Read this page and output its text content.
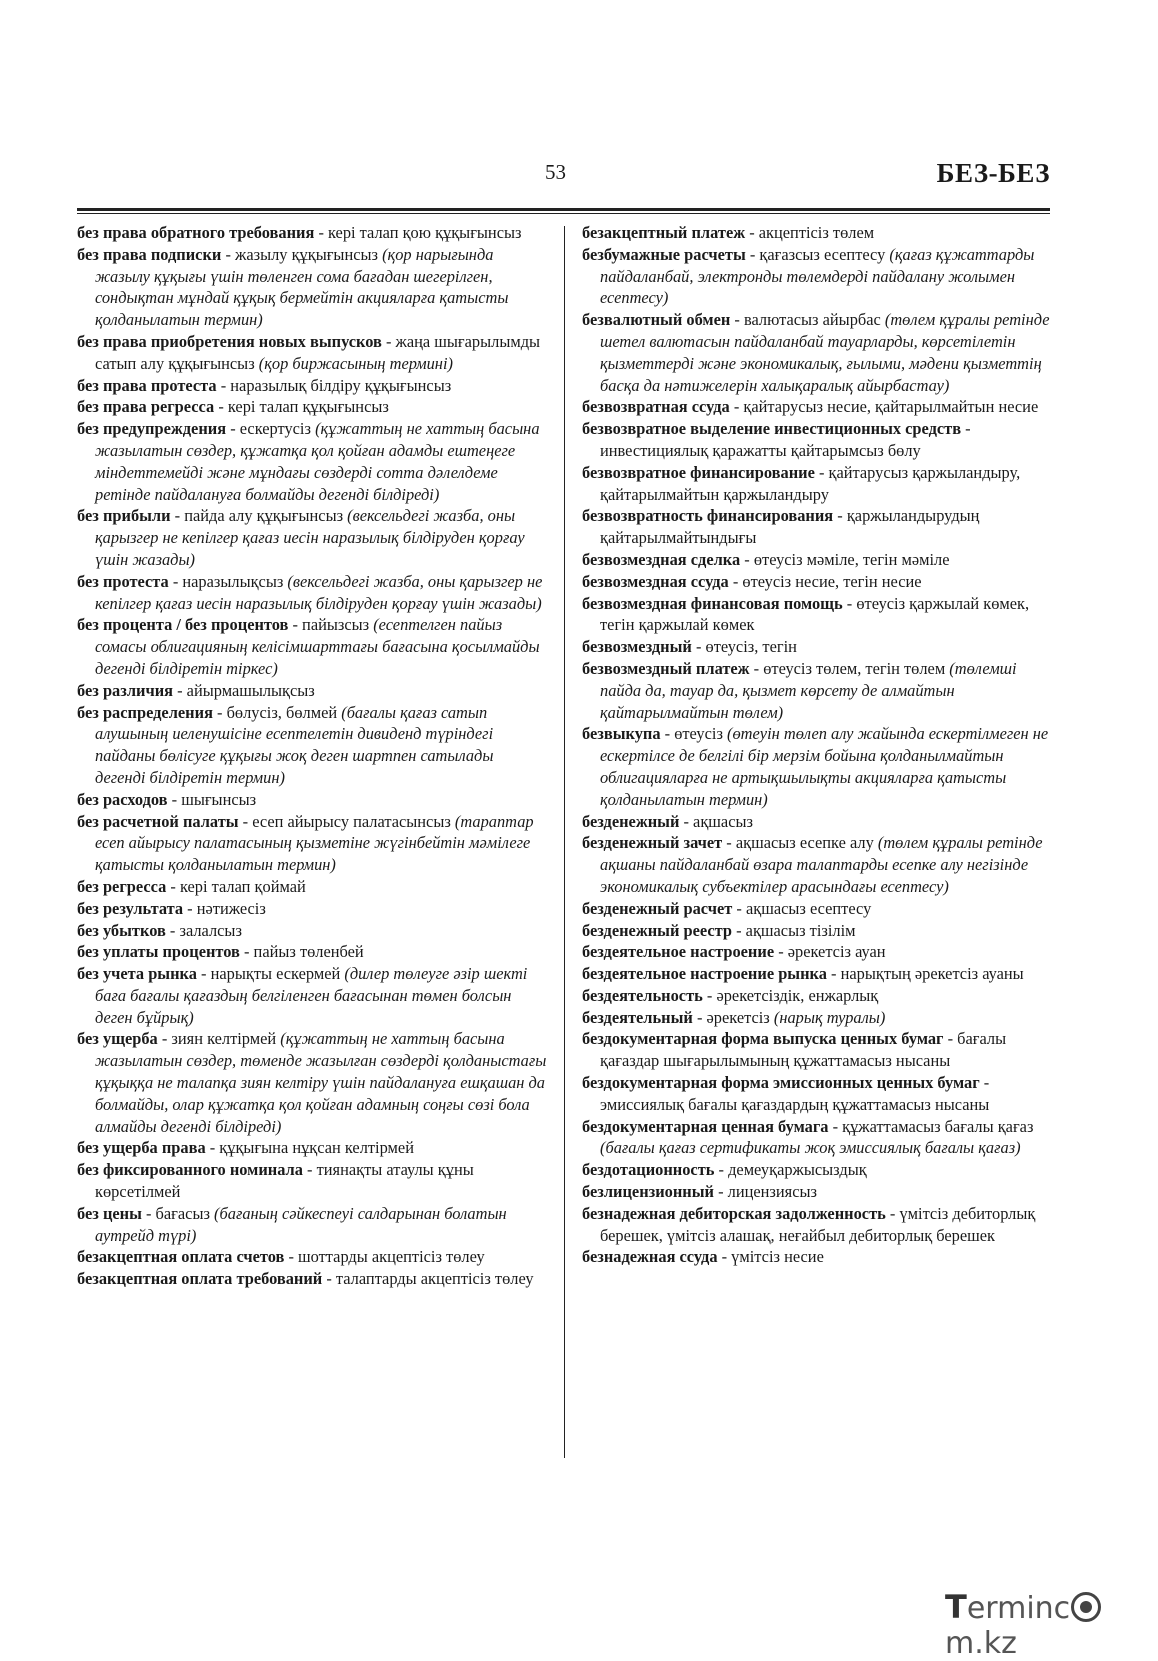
53	БЕЗ-БЕЗ

без права обратного требования - кері талап қою құқығынсыз

без права подписки - жазылу құқығынсыз (қор нарығында жазылу құқығы үшін төленген сома бағадан шегерілген, сондықтан мұндай құқық бермейтін акцияларға қатысты қолданылатын термин)

без права приобретения новых выпусков - жаңа шығарылымды сатып алу құқығынсыз (қор биржасының термині)

без права протеста - наразылық білдіру құқығынсыз

без права регресса - кері талап құқығынсыз

без предупреждения - ескертусіз (құжаттың не хаттың басына жазылатын сөздер, құжатқа қол қойған адамды ештеңеге міндеттемейді және мұндағы сөздерді сотта дәлелдеме ретінде пайдалануға болмайды дегенді білдіреді)

без прибыли - пайда алу құқығынсыз (вексельдегі жазба, оны қарызгер не кепілгер қағаз иесін наразылық білдіруден қорғау үшін жазады)

без протеста - наразылықсыз (вексельдегі жазба, оны қарызгер не кепілгер қағаз иесін наразылық білдіруден қорғау үшін жазады)

без процента / без процентов - пайызсыз (есептелген пайыз сомасы облигацияның келісімшарттағы бағасына қосылмайды дегенді білдіретін тіркес)

без различия - айырмашылықсыз

без распределения - бөлусіз, бөлмей (бағалы қағаз сатып алушының иеленушісіне есептелетін дивиденд түріндегі пайданы бөлісуге құқығы жоқ деген шартпен сатылады дегенді білдіретін термин)

без расходов - шығынсыз

без расчетной палаты - есеп айырысу палатасынсыз (тараптар есеп айырысу палатасының қызметіне жүгінбейтін мәмілеге қатысты қолданылатын термин)

без регресса - кері талап қоймай

без результата - нәтижесіз

без убытков - залалсыз

без уплаты процентов - пайыз төленбей

без учета рынка - нарықты ескермей (дилер төлеуге әзір шекті баға бағалы қағаздың белгіленген бағасынан төмен болсын деген бұйрық)

без ущерба - зиян келтірмей (құжаттың не хаттың басына жазылатын сөздер, төменде жазылған сөздерді қолданыстағы құқыққа не талапқа зиян келтіру үшін пайдалануға ешқашан да болмайды, олар құжатқа қол қойған адамның соңғы сөзі бола алмайды дегенді білдіреді)

без ущерба права - құқығына нұқсан келтірмей

без фиксированного номинала - тиянақты атаулы құны көрсетілмей

без цены - бағасыз (бағаның сәйкеспеуі салдарынан болатын аутрейд түрі)

безакцептная оплата счетов - шоттарды акцептісіз төлеу

безакцептная оплата требований - талаптарды акцептісіз төлеу

безакцептный платеж - акцептісіз төлем

безбумажные расчеты - қағазсыз есептесу (қағаз құжаттарды пайдаланбай, электронды төлемдерді пайдалану жолымен есептесу)

безвалютный обмен - валютасыз айырбас (төлем құралы ретінде шетел валютасын пайдаланбай тауарларды, көрсетілетін қызметтерді және экономикалық, ғылыми, мәдени қызметтің басқа да нәтижелерін халықаралық айырбастау)

безвозвратная ссуда - қайтарусыз несие, қайтарылмайтын несие

безвозвратное выделение инвестиционных средств - инвестициялық қаражатты қайтарымсыз бөлу

безвозвратное финансирование - қайтарусыз қаржыландыру, қайтарылмайтын қаржыландыру

безвозвратность финансирования - қаржыландырудың қайтарылмайтындығы

безвозмездная сделка - өтеусіз мәміле, тегін мәміле

безвозмездная ссуда - өтеусіз несие, тегін несие

безвозмездная финансовая помощь - өтеусіз қаржылай көмек, тегін қаржылай көмек

безвозмездный - өтеусіз, тегін

безвозмездный платеж - өтеусіз төлем, тегін төлем (төлемші пайда да, тауар да, қызмет көрсету де алмайтын қайтарылмайтын төлем)

безвыкупа - өтеусіз (өтеуін төлеп алу жайында ескертілмеген не ескертілсе де белгілі бір мерзім бойына қолданылмайтын облигацияларға не артықшылықты акцияларға қатысты қолданылатын термин)

безденежный - ақшасыз

безденежный зачет - ақшасыз есепке алу (төлем құралы ретінде ақшаны пайдаланбай өзара талаптарды есепке алу негізінде экономикалық субъектілер арасындағы есептесу)

безденежный расчет - ақшасыз есептесу

безденежный реестр - ақшасыз тізілім

бездеятельное настроение - әрекетсіз ауан

бездеятельное настроение рынка - нарықтың әрекетсіз ауаны

бездеятельность - әрекетсіздік, енжарлық

бездеятельный - әрекетсіз (нарық туралы)

бездокументарная форма выпуска ценных бумаг - бағалы қағаздар шығарылымының құжаттамасыз нысаны

бездокументарная форма эмиссионных ценных бумаг - эмиссиялық бағалы қағаздардың құжаттамасыз нысаны

бездокументарная ценная бумага - құжаттамасыз бағалы қағаз (бағалы қағаз сертификаты жоқ эмиссиялық бағалы қағаз)

бездотационность - демеуқаржысыздық

безлицензионный - лицензиясыз

безнадежная дебиторская задолженность - үмітсіз дебиторлық берешек, үмітсіз алашақ, неғайбыл дебиторлық берешек

безнадежная ссуда - үмітсіз несие

Termincm.kz
